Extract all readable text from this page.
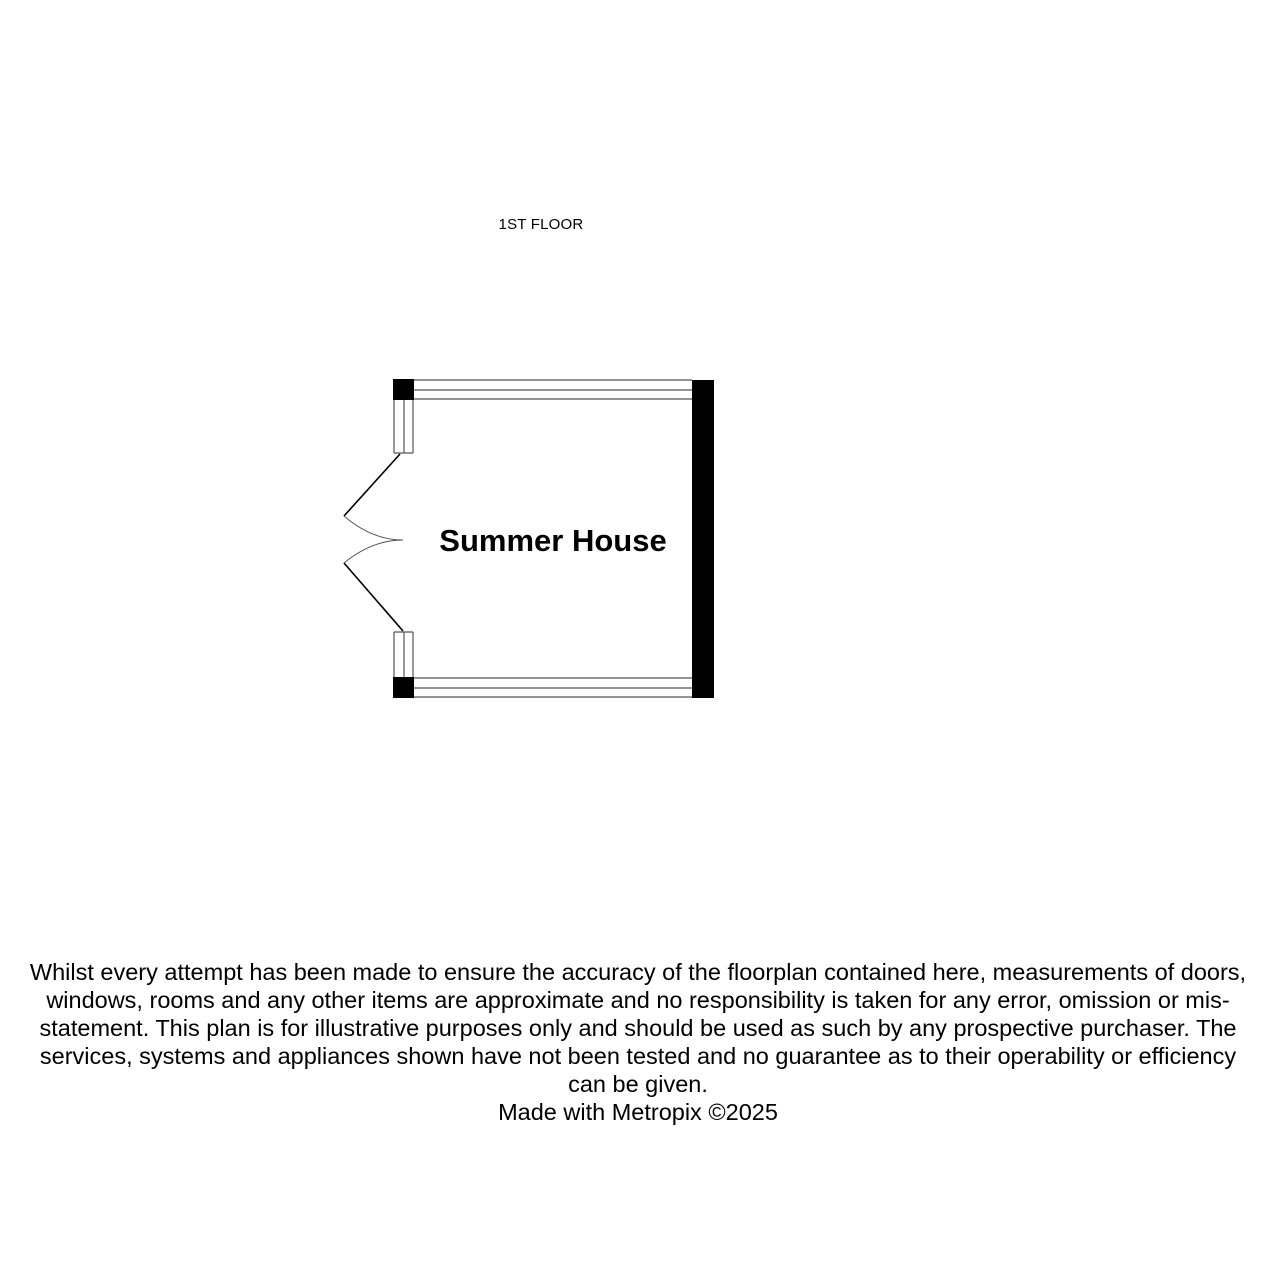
1ST FLOOR
Summer House

Whilst every attempt has been made to ensure the accuracy of the floorplan contained here, measurements of doors, windows, rooms and any other items are approximate and no responsibility is taken for any error, omission or mis-statement. This plan is for illustrative purposes only and should be used as such by any prospective purchaser. The services, systems and appliances shown have not been tested and no guarantee as to their operability or efficiency can be given.

Made with Metropix ©2025
